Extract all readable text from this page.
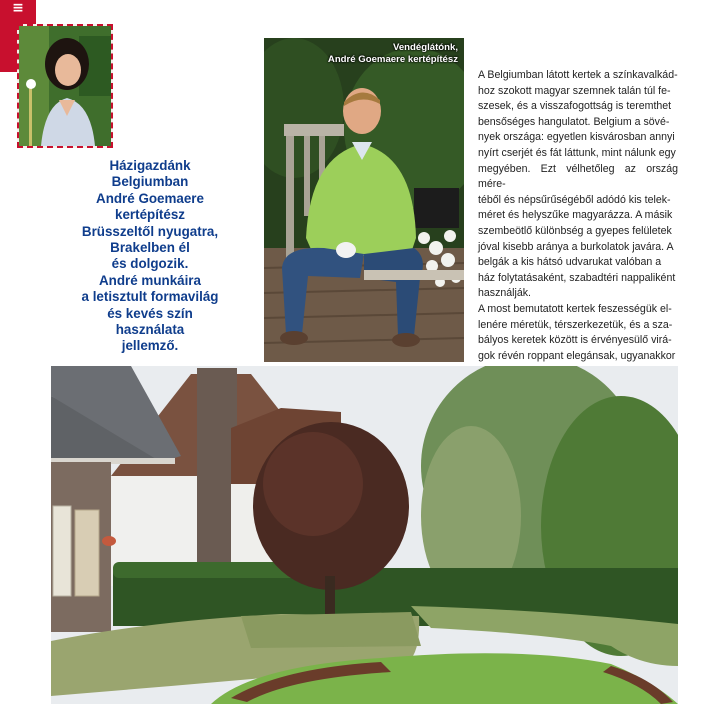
≡
Házigazdánk
Belgiumban
André Goemaere
kertépítész
Brüsszeltől nyugatra,
Brakelben él
és dolgozik.
André munkáira
a letisztult formavilág
és kevés szín
használata
jellemző.
Vendéglátónk,
André Goemaere kertépítész

A Belgiumban látott kertek a színkavalkád-

hoz szokott magyar szemnek talán túl fe-

szesek, és a visszafogottság is teremthet

bensőséges hangulatot. Belgium a sövé-

nyek országa: egyetlen kisvárosban annyi

nyírt cserjét és fát láttunk, mint nálunk egy

megyében. Ezt vélhetőleg az ország mére-

téből és népsűrűségéből adódó kis telek-

méret és helyszűke magyarázza. A másik

szembeötlő különbség a gyepes felületek

jóval kisebb aránya a burkolatok javára. A

belgák a kis hátsó udvarukat valóban a

ház folytatásaként, szabadtéri nappaliként

használják.

A most bemutatott kertek feszességük el-

lenére méretük, térszerkezetük, és a sza-

bályos keretek között is érvényesülő virá-

gok révén roppant elegánsak, ugyanakkor
